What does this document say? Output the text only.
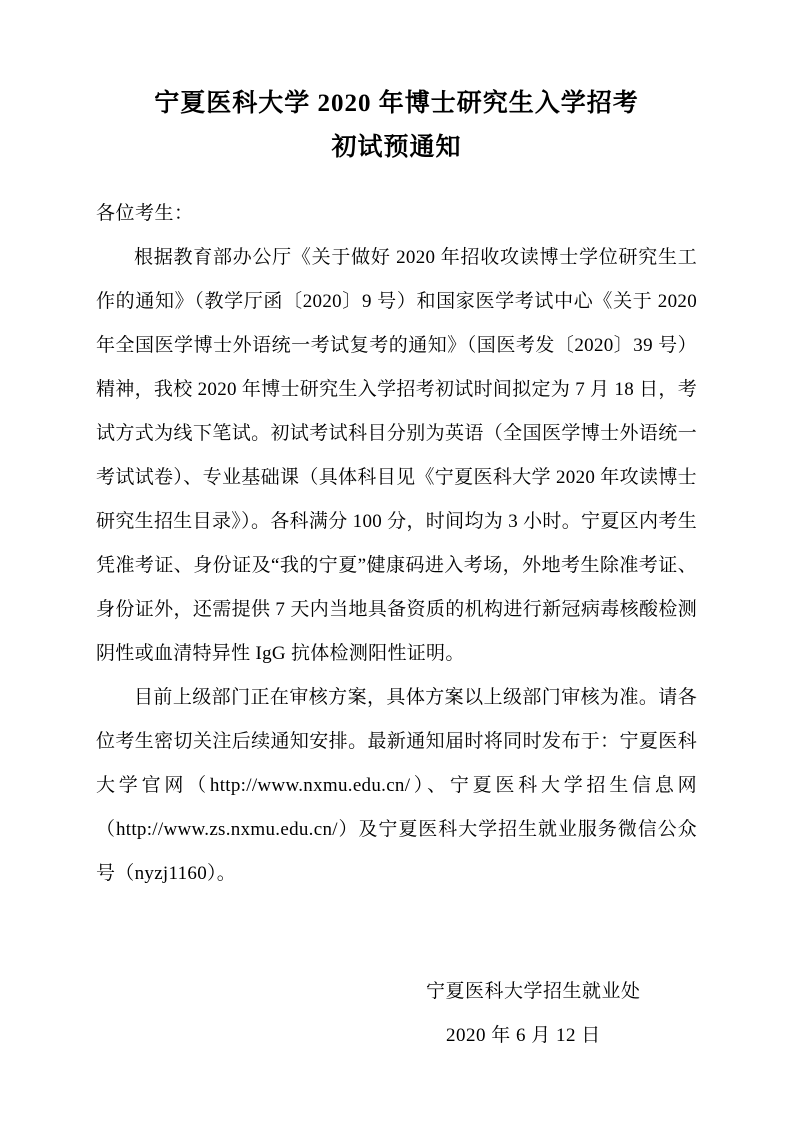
宁夏医科大学 2020 年博士研究生入学招考
初试预通知
各位考生：

根据教育部办公厅《关于做好 2020 年招收攻读博士学位研究生工作的通知》（教学厅函〔2020〕9 号）和国家医学考试中心《关于 2020 年全国医学博士外语统一考试复考的通知》（国医考发〔2020〕39 号）精神，我校 2020 年博士研究生入学招考初试时间拟定为 7 月 18 日，考试方式为线下笔试。初试考试科目分别为英语（全国医学博士外语统一考试试卷）、专业基础课（具体科目见《宁夏医科大学 2020 年攻读博士研究生招生目录》）。各科满分 100 分，时间均为 3 小时。宁夏区内考生凭准考证、身份证及“我的宁夏”健康码进入考场，外地考生除准考证、身份证外，还需提供 7 天内当地具备资质的机构进行新冠病毒核酸检测阴性或血清特异性 IgG 抗体检测阳性证明。

目前上级部门正在审核方案，具体方案以上级部门审核为准。请各位考生密切关注后续通知安排。最新通知届时将同时发布于：宁夏医科大学官网（http://www.nxmu.edu.cn/）、宁夏医科大学招生信息网（http://www.zs.nxmu.edu.cn/）及宁夏医科大学招生就业服务微信公众号（nyzj1160）。

宁夏医科大学招生就业处
2020 年 6 月 12 日
